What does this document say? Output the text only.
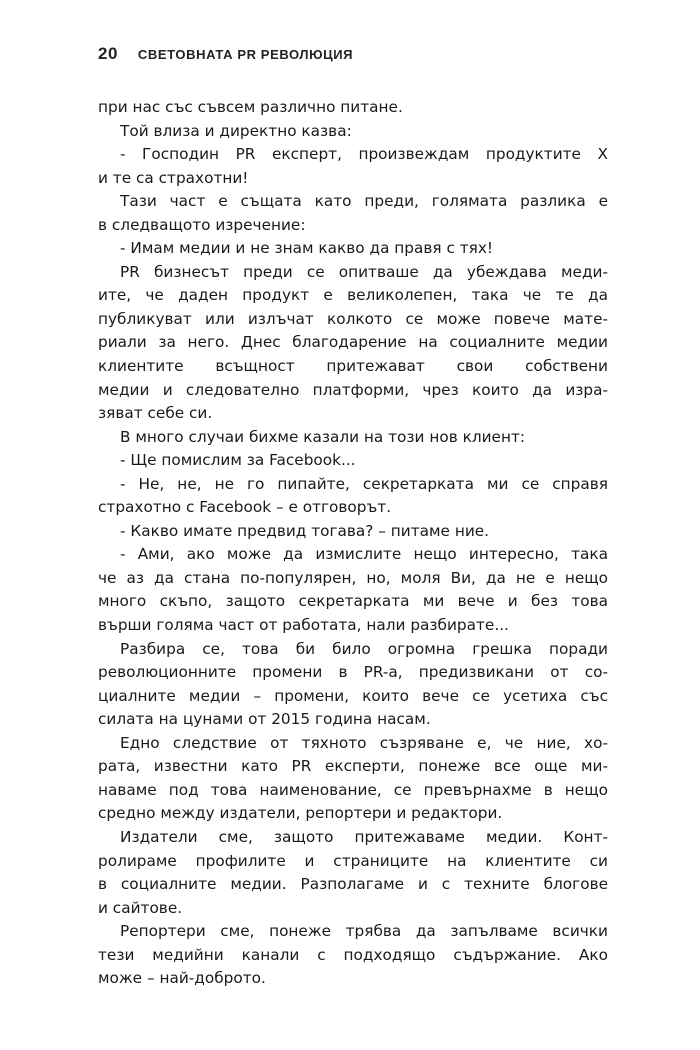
20 СВЕТОВНАТА PR РЕВОЛЮЦИЯ
при нас със съвсем различно питане.
Той влиза и директно казва:
- Господин PR експерт, произвеждам продуктите X
и те са страхотни!
Тази част е същата като преди, голямата разлика е
в следващото изречение:
- Имам медии и не знам какво да правя с тях!
PR бизнесът преди се опитваше да убеждава меди-
ите, че даден продукт е великолепен, така че те да
публикуват или излъчат колкото се може повече мате-
риали за него. Днес благодарение на социалните медии
клиентите всъщност притежават свои собствени
медии и следователно платформи, чрез които да изра-
зяват себе си.
В много случаи бихме казали на този нов клиент:
- Ще помислим за Facebook...
- Не, не, не го пипайте, секретарката ми се справя
страхотно с Facebook – е отговорът.
- Какво имате предвид тогава? – питаме ние.
- Ами, ако може да измислите нещо интересно, така
че аз да стана по-популярен, но, моля Ви, да не е нещо
много скъпо, защото секретарката ми вече и без това
върши голяма част от работата, нали разбирате...
Разбира се, това би било огромна грешка поради
революционните промени в PR-а, предизвикани от со-
циалните медии – промени, които вече се усетиха със
силата на цунами от 2015 година насам.
Едно следствие от тяхното съзряване е, че ние, хо-
рата, известни като PR експерти, понеже все още ми-
наваме под това наименование, се превърнахме в нещо
средно между издатели, репортери и редактори.
Издатели сме, защото притежаваме медии. Конт-
ролираме профилите и страниците на клиентите си
в социалните медии. Разполагаме и с техните блогове
и сайтове.
Репортери сме, понеже трябва да запълваме всички
тези медийни канали с подходящо съдържание. Ако
може – най-доброто.
